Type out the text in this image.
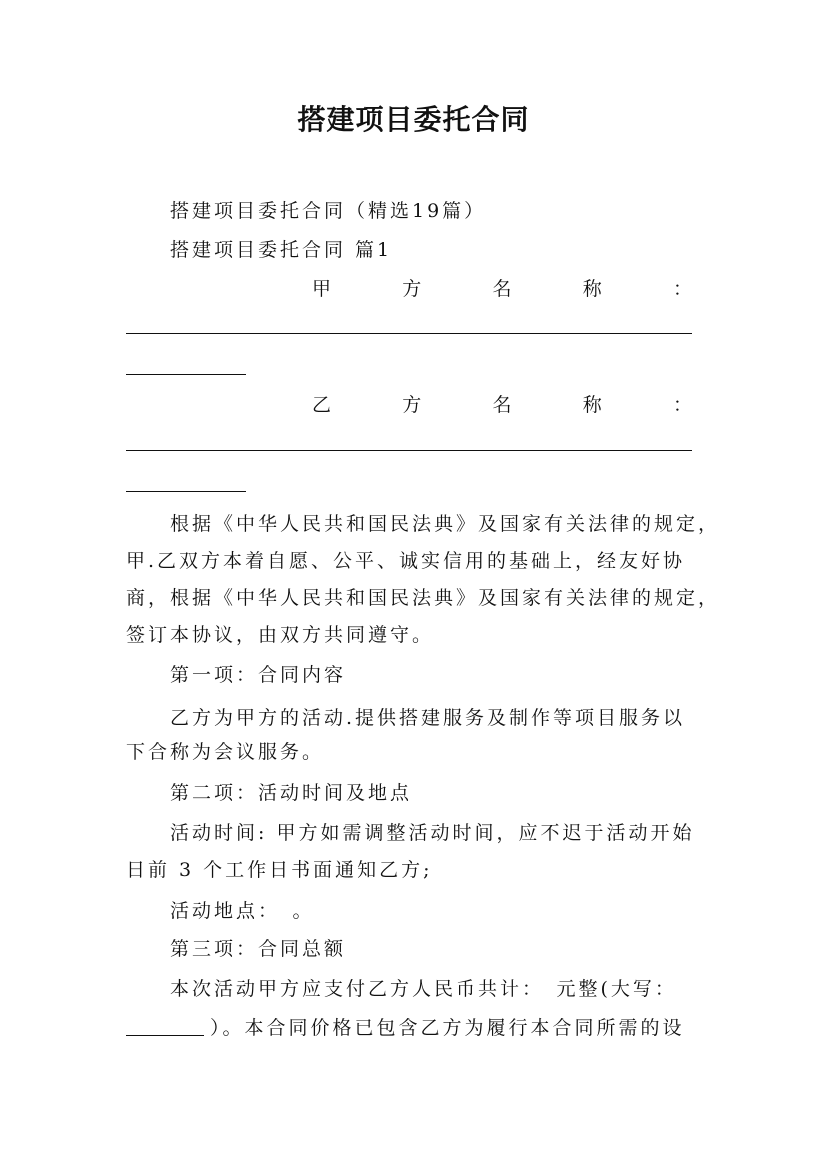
搭建项目委托合同

搭建项目委托合同（精选19篇）

搭建项目委托合同 篇1

甲	方	名	称	：
乙	方	名	称	：

根据《中华人民共和国民法典》及国家有关法律的规定，

甲.乙双方本着自愿、公平、诚实信用的基础上，经友好协

商，根据《中华人民共和国民法典》及国家有关法律的规定，

签订本协议，由双方共同遵守。

第一项：合同内容

乙方为甲方的活动.提供搭建服务及制作等项目服务以

下合称为会议服务。

第二项：活动时间及地点

活动时间: 甲方如需调整活动时间，应不迟于活动开始

日前 3 个工作日书面通知乙方;

活动地点：　。

第三项：合同总额

本次活动甲方应支付乙方人民币共计：　元整(大写：

）。本合同价格已包含乙方为履行本合同所需的设
